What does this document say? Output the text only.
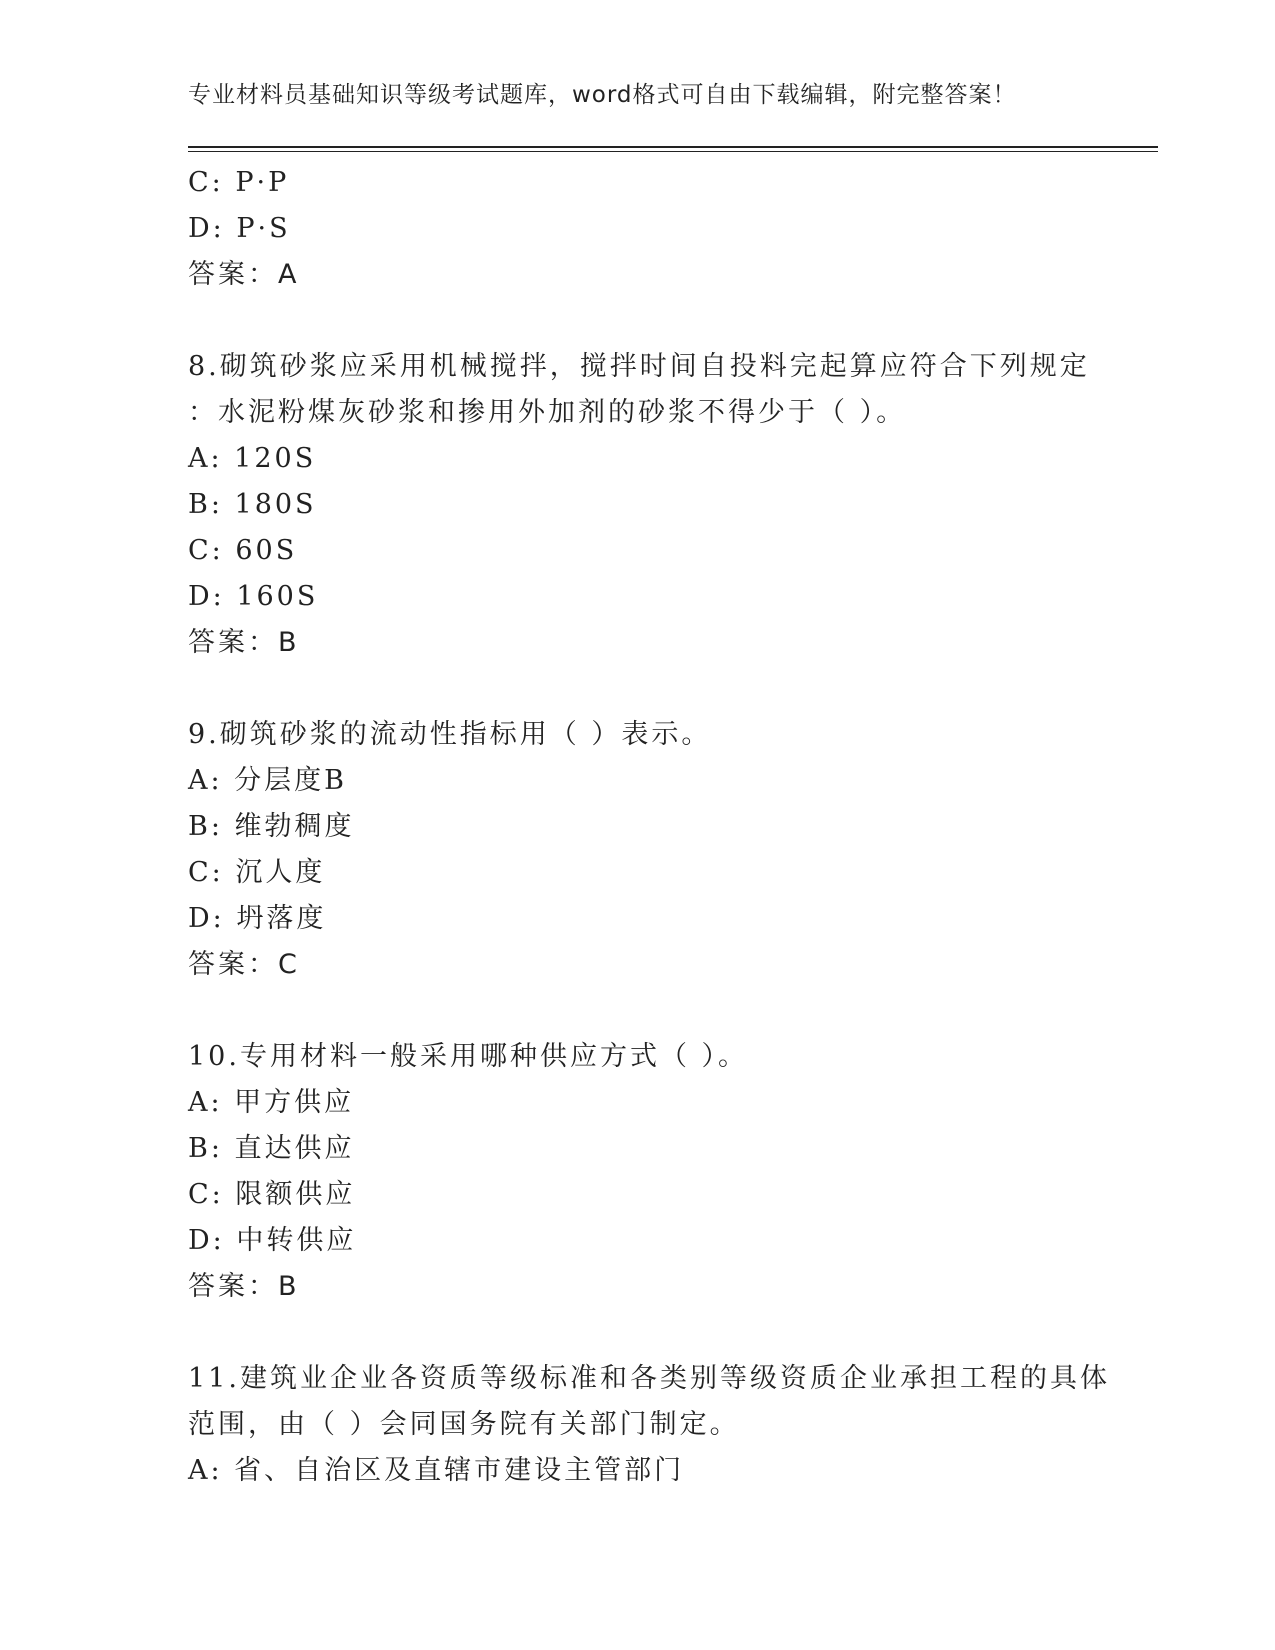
专业材料员基础知识等级考试题库，word格式可自由下载编辑，附完整答案！
C: P·P
D: P·S
答案：A
8.砌筑砂浆应采用机械搅拌，搅拌时间自投料完起算应符合下列规定
：水泥粉煤灰砂浆和掺用外加剂的砂浆不得少于（ ）。
A: 120S
B: 180S
C: 60S
D: 160S
答案：B
9.砌筑砂浆的流动性指标用（ ）表示。
A: 分层度B
B: 维勃稠度
C: 沉人度
D: 坍落度
答案：C
10.专用材料一般采用哪种供应方式（ ）。
A: 甲方供应
B: 直达供应
C: 限额供应
D: 中转供应
答案：B
11.建筑业企业各资质等级标准和各类别等级资质企业承担工程的具体
范围，由（ ）会同国务院有关部门制定。
A: 省、自治区及直辖市建设主管部门
